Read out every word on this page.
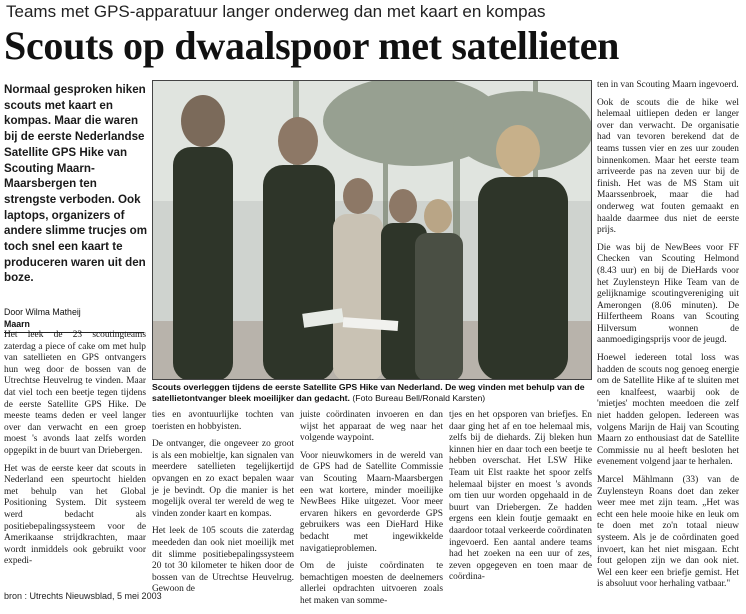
Teams met GPS-apparatuur langer onderweg dan met kaart en kompas
Scouts op dwaalspoor met satellieten
Normaal gesproken hiken scouts met kaart en kompas. Maar die waren bij de eerste Nederlandse Satellite GPS Hike van Scouting Maarn-Maarsbergen ten strengste verboden. Ook laptops, organizers of andere slimme trucjes om toch snel een kaart te produceren waren uit den boze.
Door Wilma Matheij
Maarn

Het leek de 23 scoutingteams zaterdag a piece of cake om met hulp van satellieten en GPS ontvangers hun weg door de bossen van de Utrechtse Heuvelrug te vinden. Maar dat viel toch een beetje tegen tijdens de eerste Satellite GPS Hike. De meeste teams deden er veel langer over dan verwacht en een groep moest 's avonds laat zelfs worden opgepikt in de buurt van Driebergen.

Het was de eerste keer dat scouts in Nederland een speurtocht hielden met behulp van het Global Positioning System. Dit systeem werd bedacht als positiebepalingssysteem voor de Amerikaanse strijdkrachten, maar wordt inmiddels ook gebruikt voor expedi-

Scouts overleggen tijdens de eerste Satellite GPS Hike van Nederland. De weg vinden met behulp van de satellietontvanger bleek moeilijker dan gedacht. (Foto Bureau Bell/Ronald Karsten)

ties en avontuurlijke tochten van toeristen en hobbyisten.

De ontvanger, die ongeveer zo groot is als een mobieltje, kan signalen van meerdere satellieten tegelijkertijd opvangen en zo exact bepalen waar je je bevindt. Op die manier is het mogelijk overal ter wereld de weg te vinden zonder kaart en kompas.

Het leek de 105 scouts die zaterdag meededen dan ook niet moeilijk met dit slimme positiebepalingssysteem 20 tot 30 kilometer te hiken door de bossen van de Utrechtse Heuvelrug. Gewoon de

juiste coördinaten invoeren en dan wijst het apparaat de weg naar het volgende waypoint.

Voor nieuwkomers in de wereld van de GPS had de Satellite Commissie van Scouting Maarn-Maarsbergen een wat kortere, minder moeilijke NewBees Hike uitgezet. Voor meer ervaren hikers en gevorderde GPS gebruikers was een DieHard Hike bedacht met ingewikkelde navigatieproblemen.

Om de juiste coördinaten te bemachtigen moesten de deelnemers allerlei opdrachten uitvoeren zoals het maken van somme-

tjes en het opsporen van briefjes. En daar ging het af en toe helemaal mis, zelfs bij de diehards. Zij bleken hun kinnen hier en daar toch een beetje te hebben overschat. Het LSW Hike Team uit Elst raakte het spoor zelfs helemaal bijster en moest 's avonds om tien uur worden opgehaald in de buurt van Driebergen. Ze hadden ergens een klein foutje gemaakt en daardoor totaal verkeerde coördinaten ingevoerd. Een aantal andere teams had het zoeken na een uur of zes, zeven opgegeven en toen maar de coördina-

ten in van Scouting Maarn ingevoerd.

Ook de scouts die de hike wel helemaal uitliepen deden er langer over dan verwacht. De organisatie had van tevoren berekend dat de teams tussen vier en zes uur zouden binnenkomen. Maar het eerste team arriveerde pas na zeven uur bij de finish. Het was de MS Stam uit Maarssenbroek, maar die had onderweg wat fouten gemaakt en haalde daarmee dus niet de eerste prijs.

Die was bij de NewBees voor FF Checken van Scouting Helmond (8.43 uur) en bij de DieHards voor het Zuylensteyn Hike Team van de gelijknamige scoutingvereniging uit Amerongen (8.06 minuten). De Hilfertheem Roans van Scouting Hilversum wonnen de aanmoedigingsprijs voor de jeugd.

Hoewel iedereen total loss was hadden de scouts nog genoeg energie om de Satellite Hike af te sluiten met een knalfeest, waarbij ook de 'mietjes' mochten meedoen die zelf niet hadden gelopen. Iedereen was volgens Marijn de Haij van Scouting Maarn zo enthousiast dat de Satellite Commissie nu al heeft besloten het evenement volgend jaar te herhalen.

Marcel Mählmann (33) van de Zuylensteyn Roans doet dan zeker weer mee met zijn team. „Het was echt een hele mooie hike en leuk om te doen met zo'n totaal nieuw systeem. Als je de coördinaten goed invoert, kan het niet misgaan. Echt fout gelopen zijn we dan ook niet. Wel een keer een briefje gemist. Het is absoluut voor herhaling vatbaar."

bron : Utrechts Nieuwsblad, 5 mei 2003
